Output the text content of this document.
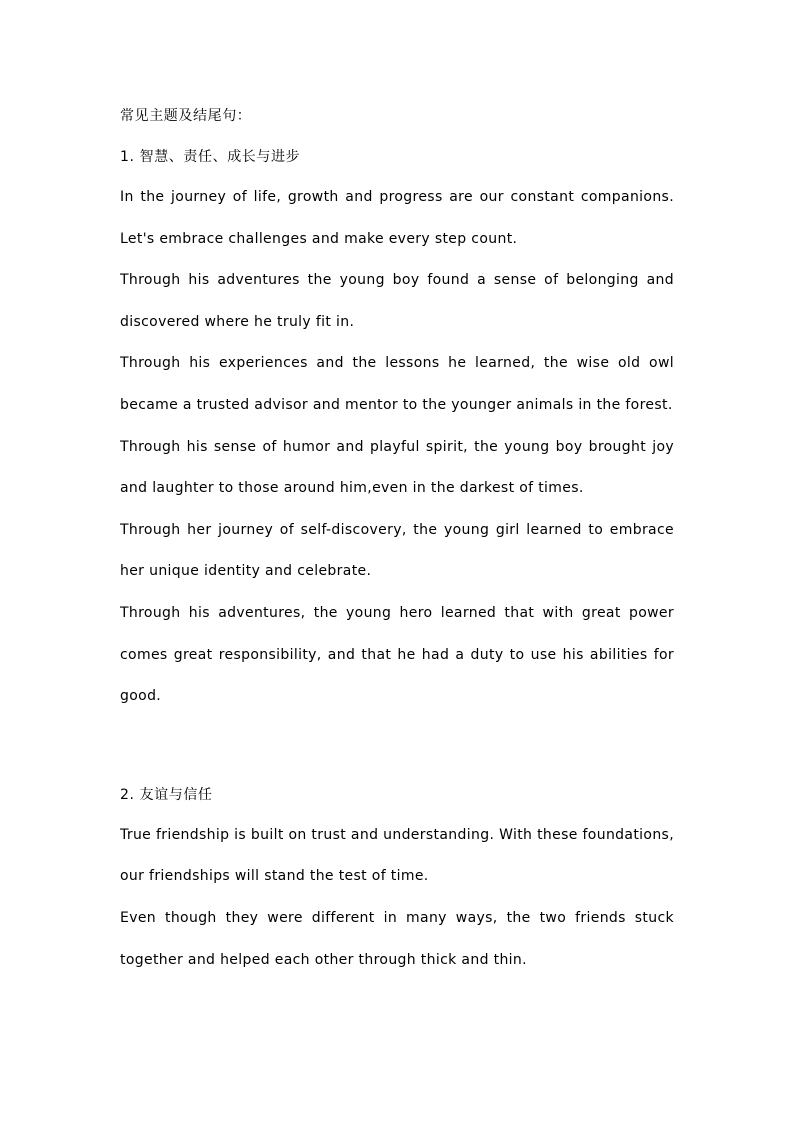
常见主题及结尾句：

1. 智慧、责任、成长与进步

In the journey of life, growth and progress are our constant companions.

Let's embrace challenges and make every step count.

Through his adventures the young boy found a sense of belonging and

discovered where he truly fit in.

Through his experiences and the lessons he learned, the wise old owl

became a trusted advisor and mentor to the younger animals in the forest.

Through his sense of humor and playful spirit, the young boy brought joy

and laughter to those around him,even in the darkest of times.

Through her journey of self-discovery, the young girl learned to embrace

her unique identity and celebrate.

Through his adventures, the young hero learned that with great power

comes great responsibility, and that he had a duty to use his abilities for

good.

2. 友谊与信任

True friendship is built on trust and understanding. With these foundations,

our friendships will stand the test of time.

Even though they were different in many ways, the two friends stuck

together and helped each other through thick and thin.
